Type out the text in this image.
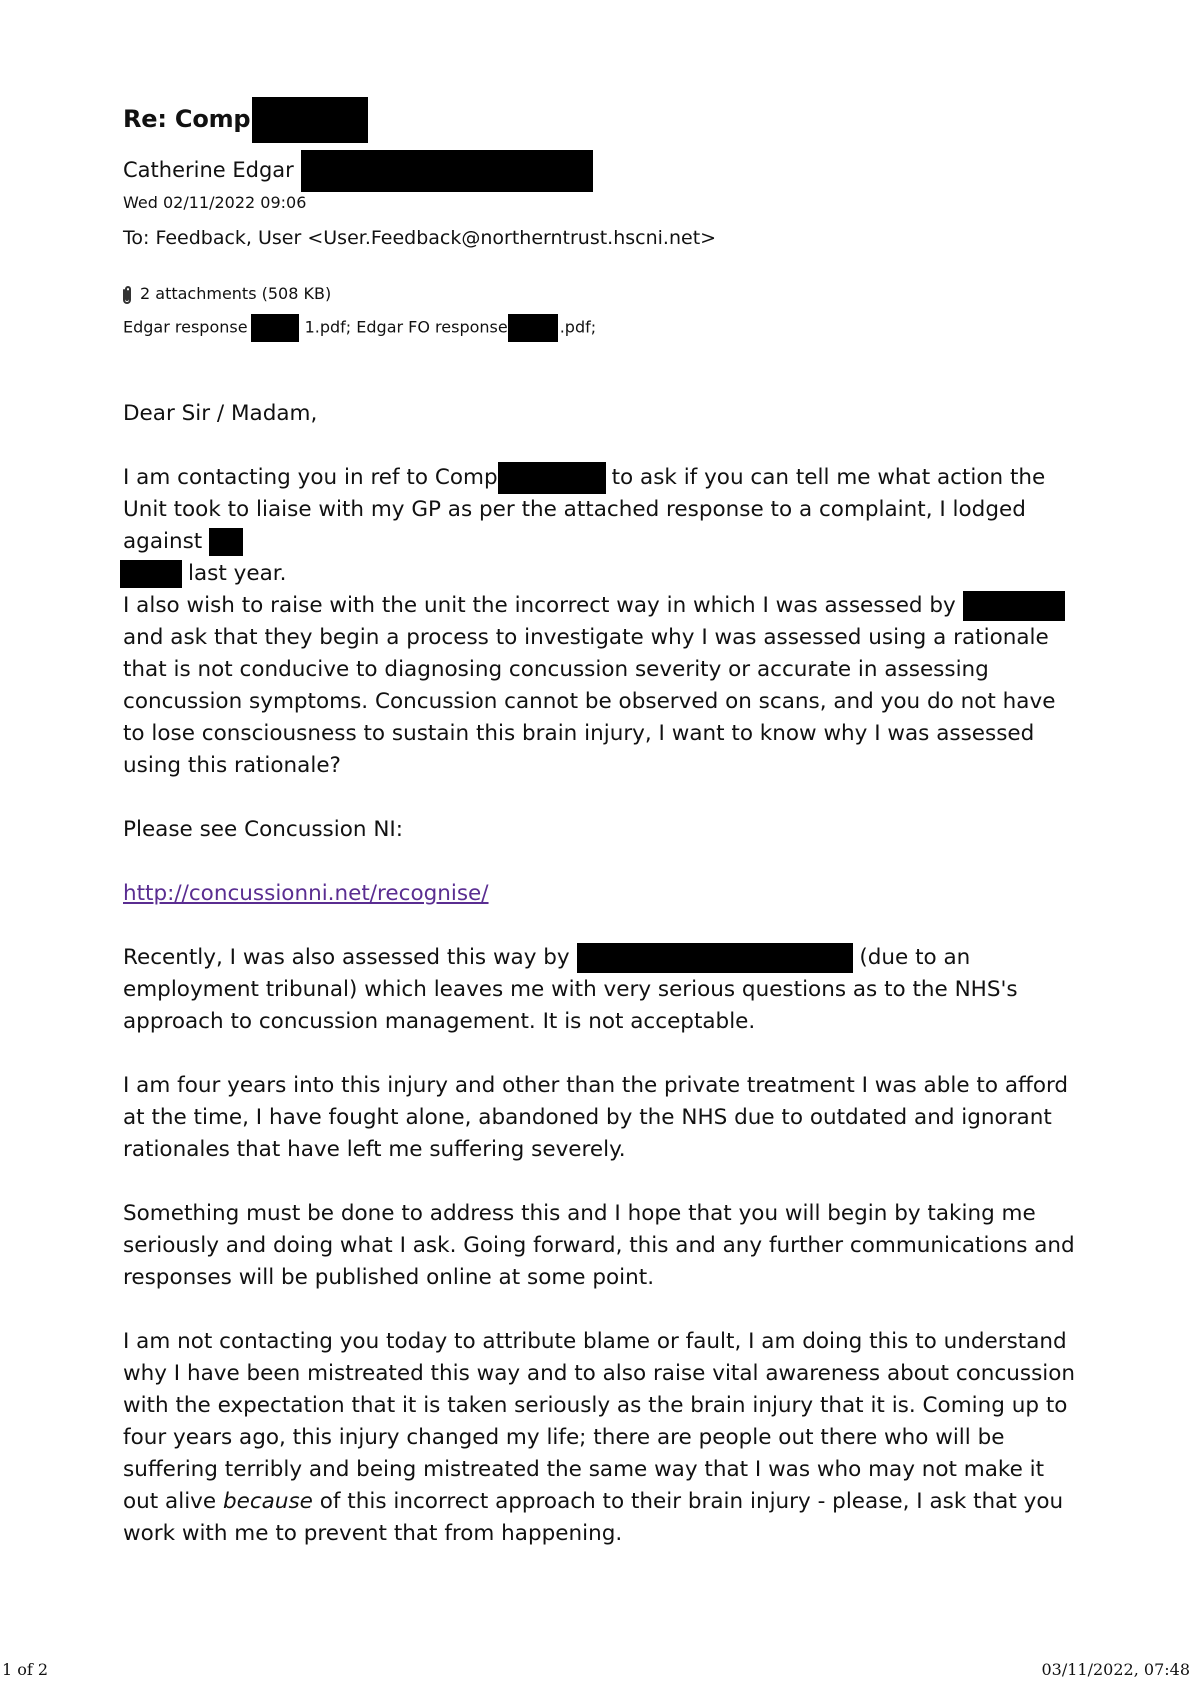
Re: Comp
Catherine Edgar
Wed 02/11/2022 09:06
To: Feedback, User <User.Feedback@northerntrust.hscni.net>
2 attachments (508 KB)
Edgar response	1.pdf; Edgar FO response	.pdf;

Dear Sir / Madam,

I am contacting you in ref to Comp	to ask if you can tell me what action the Unit took to liaise with my GP as per the attached response to a complaint, I lodged against
last year.

I also wish to raise with the unit the incorrect way in which I was assessed by  and ask that they begin a process to investigate why I was assessed using a rationale that is not conducive to diagnosing concussion severity or accurate in assessing concussion symptoms. Concussion cannot be observed on scans, and you do not have to lose consciousness to sustain this brain injury, I want to know why I was assessed using this rationale?

Please see Concussion NI:

http://concussionni.net/recognise/

Recently, I was also assessed this way by	(due to an employment tribunal) which leaves me with very serious questions as to the NHS's approach to concussion management. It is not acceptable.

I am four years into this injury and other than the private treatment I was able to afford at the time, I have fought alone, abandoned by the NHS due to outdated and ignorant rationales that have left me suffering severely.

Something must be done to address this and I hope that you will begin by taking me seriously and doing what I ask. Going forward, this and any further communications and responses will be published online at some point.

I am not contacting you today to attribute blame or fault, I am doing this to understand why I have been mistreated this way and to also raise vital awareness about concussion with the expectation that it is taken seriously as the brain injury that it is. Coming up to four years ago, this injury changed my life; there are people out there who will be suffering terribly and being mistreated the same way that I was who may not make it out alive because of this incorrect approach to their brain injury - please, I ask that you work with me to prevent that from happening.

1 of 2	03/11/2022, 07:48
